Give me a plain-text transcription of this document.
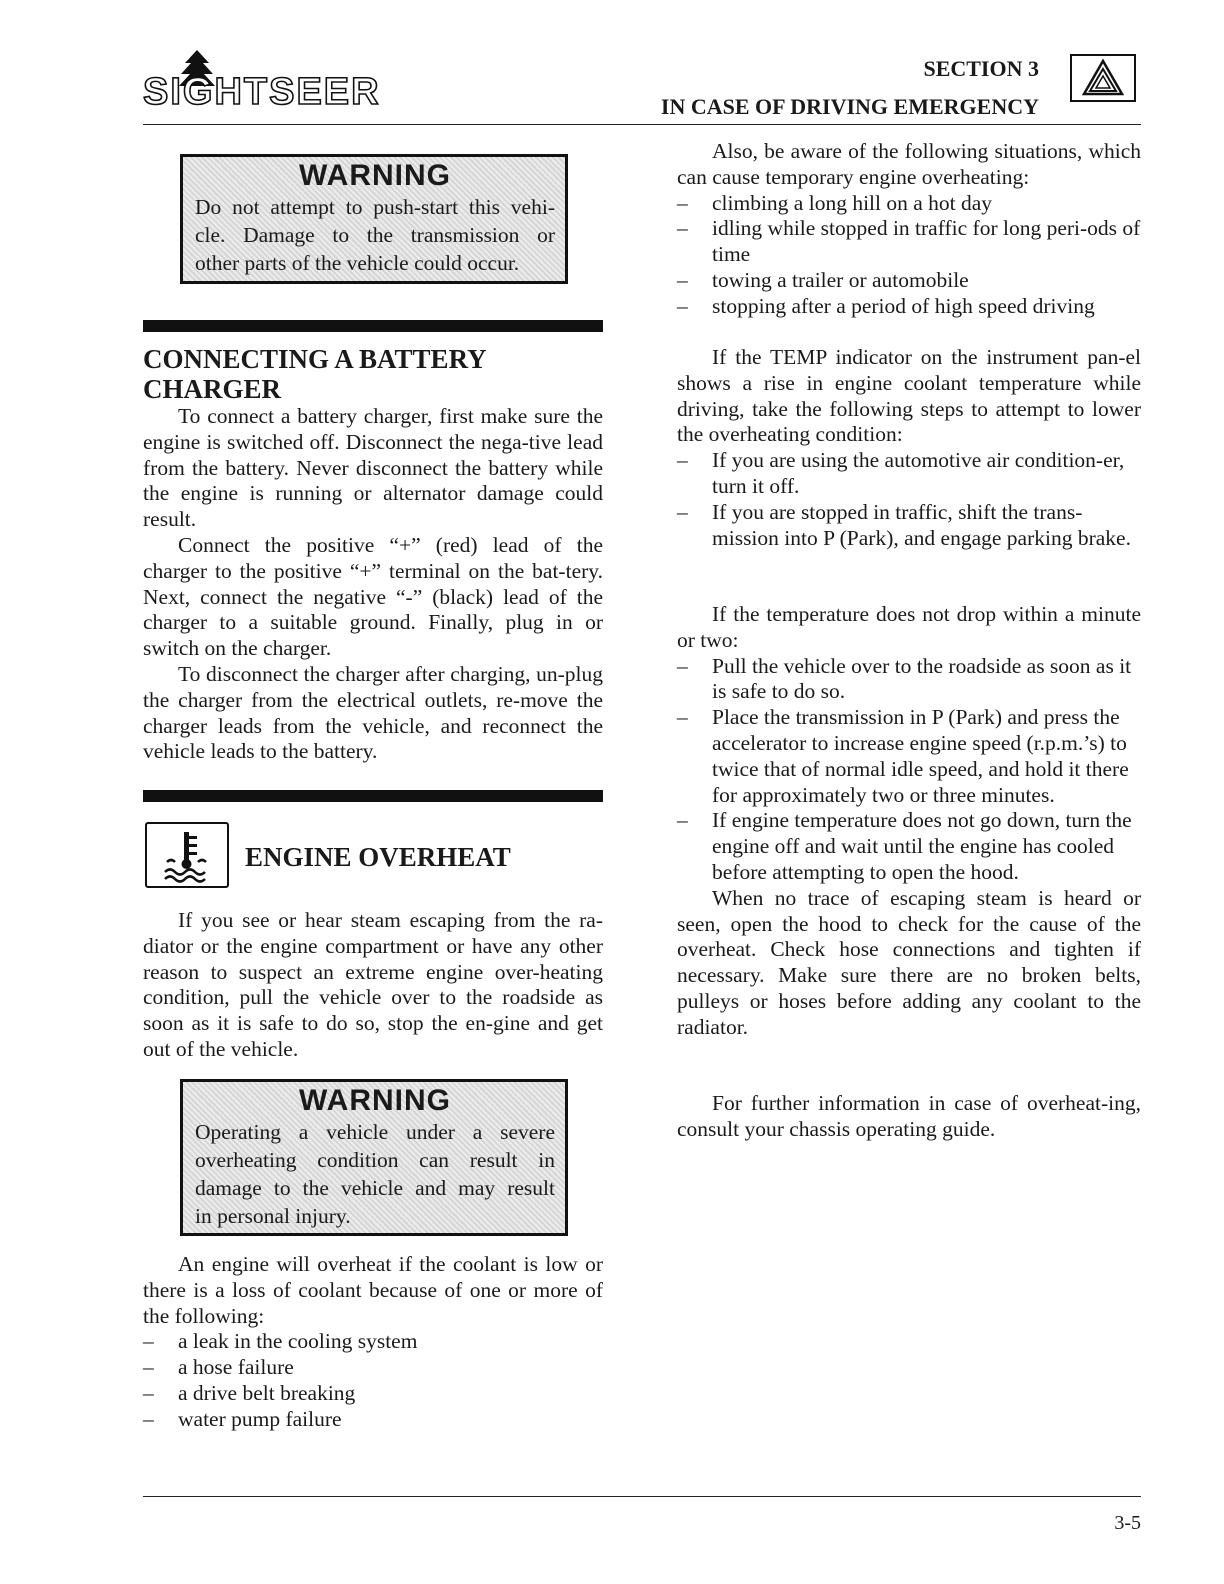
SIGHTSEER
SECTION 3
IN CASE OF DRIVING EMERGENCY
WARNING
Do not attempt to push-start this vehi-
cle. Damage to the transmission or
other parts of the vehicle could occur.
CONNECTING A BATTERY
CHARGER

To connect a battery charger, first make sure the engine is switched off. Disconnect the nega-tive lead from the battery. Never disconnect the battery while the engine is running or alternator damage could result.

Connect the positive “+” (red) lead of the charger to the positive “+” terminal on the bat-tery. Next, connect the negative “-” (black) lead of the charger to a suitable ground. Finally, plug in or switch on the charger.

To disconnect the charger after charging, un-plug the charger from the electrical outlets, re-move the charger leads from the vehicle, and reconnect the vehicle leads to the battery.

ENGINE OVERHEAT

If you see or hear steam escaping from the ra-diator or the engine compartment or have any other reason to suspect an extreme engine over-heating condition, pull the vehicle over to the roadside as soon as it is safe to do so, stop the en-gine and get out of the vehicle.

WARNING
Operating a vehicle under a severe
overheating condition can result in
damage to the vehicle and may result
in personal injury.

An engine will overheat if the coolant is low or there is a loss of coolant because of one or more of the following:

– a leak in the cooling system
– a hose failure
– a drive belt breaking
– water pump failure

Also, be aware of the following situations, which can cause temporary engine overheating:

– climbing a long hill on a hot day
– idling while stopped in traffic for long peri-ods of time
– towing a trailer or automobile
– stopping after a period of high speed driving

If the TEMP indicator on the instrument pan-el shows a rise in engine coolant temperature while driving, take the following steps to attempt to lower the overheating condition:

– If you are using the automotive air condition-er, turn it off.
– If you are stopped in traffic, shift the trans-mission into P (Park), and engage parking brake.

If the temperature does not drop within a minute or two:

– Pull the vehicle over to the roadside as soon as it is safe to do so.
– Place the transmission in P (Park) and press the accelerator to increase engine speed (r.p.m.’s) to twice that of normal idle speed, and hold it there for approximately two or three minutes.
– If engine temperature does not go down, turn the engine off and wait until the engine has cooled before attempting to open the hood.

When no trace of escaping steam is heard or seen, open the hood to check for the cause of the overheat. Check hose connections and tighten if necessary. Make sure there are no broken belts, pulleys or hoses before adding any coolant to the radiator.

For further information in case of overheat-ing, consult your chassis operating guide.

3-5
